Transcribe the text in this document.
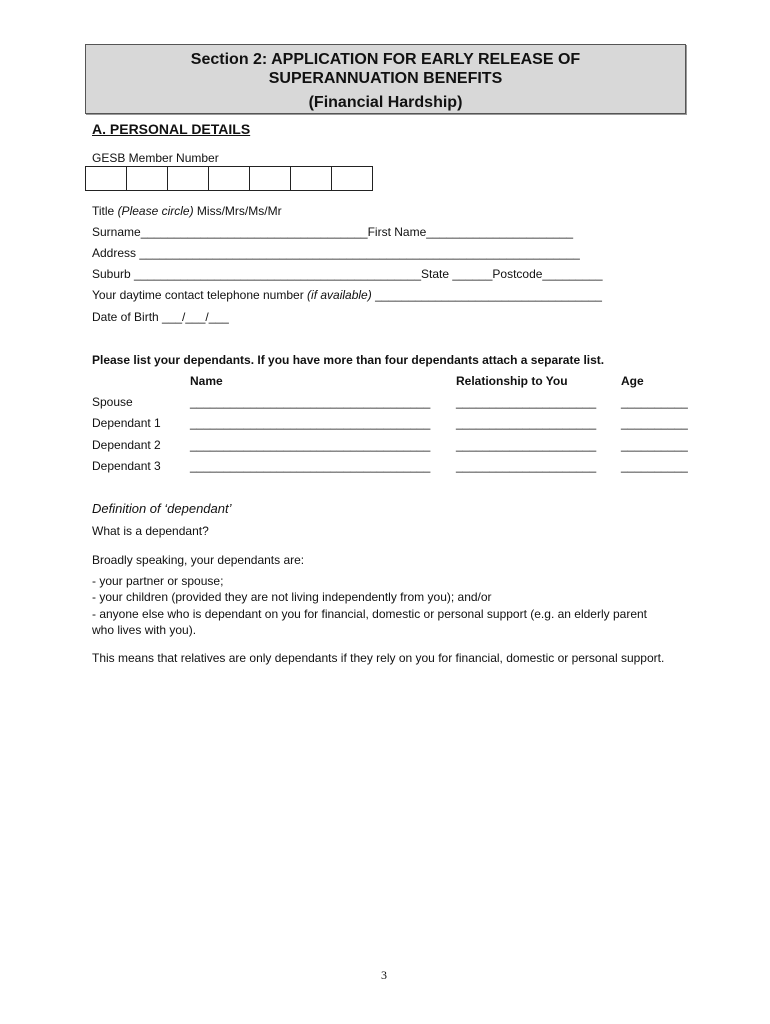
Section 2: APPLICATION FOR EARLY RELEASE OF
SUPERANNUATION BENEFITS
(Financial Hardship)
A. PERSONAL DETAILS
GESB Member Number
Title (Please circle) Miss/Mrs/Ms/Mr
Surname__________________________________First Name______________________
Address __________________________________________________________________
Suburb ___________________________________________State ______Postcode_________
Your daytime contact telephone number (if available) __________________________________
Date of Birth ___/___/___
Please list your dependants. If you have more than four dependants attach a separate list.
Name	Relationship to You	Age
Spouse	____________________________________ _____________________ __________
Dependant 1 ____________________________________ _____________________ __________
Dependant 2 ____________________________________ _____________________ __________
Dependant 3 ____________________________________ _____________________ __________
Definition of ‘dependant’
What is a dependant?
Broadly speaking, your dependants are:
- your partner or spouse;
- your children (provided they are not living independently from you); and/or
- anyone else who is dependant on you for financial, domestic or personal support (e.g. an elderly parent who lives with you).
This means that relatives are only dependants if they rely on you for financial, domestic or personal support.
3
